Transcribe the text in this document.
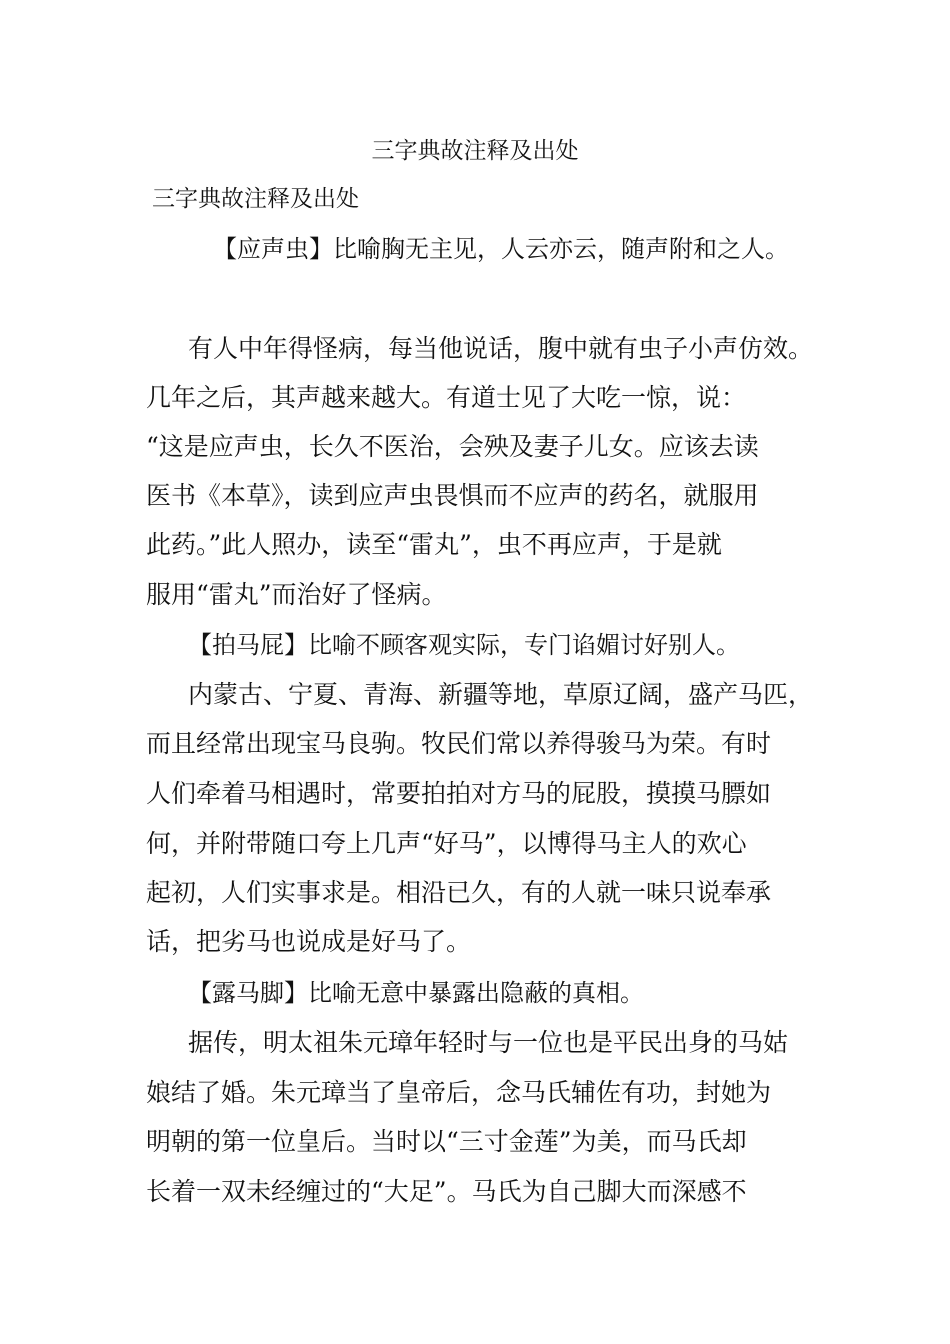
三字典故注释及出处
三字典故注释及出处
【应声虫】比喻胸无主见，人云亦云，随声附和之人。
有人中年得怪病，每当他说话，腹中就有虫子小声仿效。
几年之后，其声越来越大。有道士见了大吃一惊，说：
“这是应声虫，长久不医治，会殃及妻子儿女。应该去读
医书《本草》，读到应声虫畏惧而不应声的药名，就服用
此药。”此人照办，读至“雷丸”，虫不再应声，于是就
服用“雷丸”而治好了怪病。
【拍马屁】比喻不顾客观实际，专门谄媚讨好别人。
内蒙古、宁夏、青海、新疆等地，草原辽阔，盛产马匹，
而且经常出现宝马良驹。牧民们常以养得骏马为荣。有时
人们牵着马相遇时，常要拍拍对方马的屁股，摸摸马膘如
何，并附带随口夸上几声“好马”，以博得马主人的欢心
起初，人们实事求是。相沿已久，有的人就一味只说奉承
话，把劣马也说成是好马了。
【露马脚】比喻无意中暴露出隐蔽的真相。
据传，明太祖朱元璋年轻时与一位也是平民出身的马姑
娘结了婚。朱元璋当了皇帝后，念马氏辅佐有功，封她为
明朝的第一位皇后。当时以“三寸金莲”为美，而马氏却
长着一双未经缠过的“大足”。马氏为自己脚大而深感不
